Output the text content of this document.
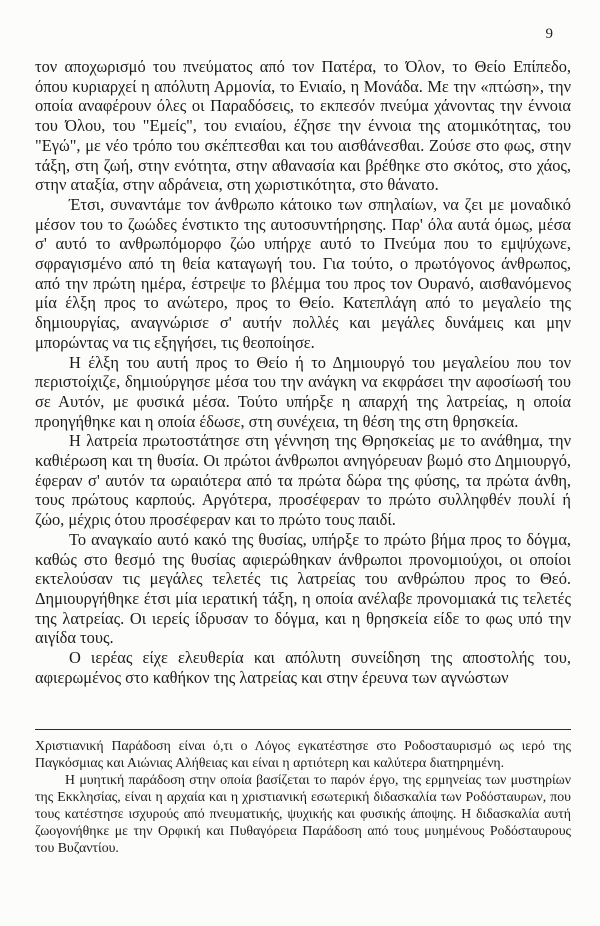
9

τον αποχωρισμό του πνεύματος από τον Πατέρα, το Όλον, το Θείο Επίπεδο, όπου κυριαρχεί η απόλυτη Αρμονία, το Ενιαίο, η Μονάδα. Με την «πτώση», την οποία αναφέρουν όλες οι Παραδόσεις, το εκπεσόν πνεύμα χάνοντας την έννοια του Όλου, του "Εμείς", του ενιαίου, έζησε την έννοια της ατομικότητας, του "Εγώ", με νέο τρόπο του σκέπτεσθαι και του αισθάνεσθαι. Ζούσε στο φως, στην τάξη, στη ζωή, στην ενότητα, στην αθανασία και βρέθηκε στο σκότος, στο χάος, στην αταξία, στην αδράνεια, στη χωριστικότητα, στο θάνατο.

Έτσι, συναντάμε τον άνθρωπο κάτοικο των σπηλαίων, να ζει με μοναδικό μέσον του το ζωώδες ένστικτο της αυτοσυντήρησης. Παρ' όλα αυτά όμως, μέσα σ' αυτό το ανθρωπόμορφο ζώο υπήρχε αυτό το Πνεύμα που το εμψύχωνε, σφραγισμένο από τη θεία καταγωγή του. Για τούτο, ο πρωτόγονος άνθρωπος, από την πρώτη ημέρα, έστρεψε το βλέμμα του προς τον Ουρανό, αισθανόμενος μία έλξη προς το ανώτερο, προς το Θείο. Κατεπλάγη από το μεγαλείο της δημιουργίας, αναγνώρισε σ' αυτήν πολλές και μεγάλες δυνάμεις και μην μπορώντας να τις εξηγήσει, τις θεοποίησε.

Η έλξη του αυτή προς το Θείο ή το Δημιουργό του μεγαλείου που τον περιστοίχιζε, δημιούργησε μέσα του την ανάγκη να εκφράσει την αφοσίωσή του σε Αυτόν, με φυσικά μέσα. Τούτο υπήρξε η απαρχή της λατρείας, η οποία προηγήθηκε και η οποία έδωσε, στη συνέχεια, τη θέση της στη θρησκεία.

Η λατρεία πρωτοστάτησε στη γέννηση της Θρησκείας με το ανάθημα, την καθιέρωση και τη θυσία. Οι πρώτοι άνθρωποι ανηγόρευαν βωμό στο Δημιουργό, έφεραν σ' αυτόν τα ωραιότερα από τα πρώτα δώρα της φύσης, τα πρώτα άνθη, τους πρώτους καρπούς. Αργότερα, προσέφεραν το πρώτο συλληφθέν πουλί ή ζώο, μέχρις ότου προσέφεραν και το πρώτο τους παιδί.

Το αναγκαίο αυτό κακό της θυσίας, υπήρξε το πρώτο βήμα προς το δόγμα, καθώς στο θεσμό της θυσίας αφιερώθηκαν άνθρωποι προνομιούχοι, οι οποίοι εκτελούσαν τις μεγάλες τελετές τις λατρείας του ανθρώπου προς το Θεό. Δημιουργήθηκε έτσι μία ιερατική τάξη, η οποία ανέλαβε προνομιακά τις τελετές της λατρείας. Οι ιερείς ίδρυσαν το δόγμα, και η θρησκεία είδε το φως υπό την αιγίδα τους.

Ο ιερέας είχε ελευθερία και απόλυτη συνείδηση της αποστολής του, αφιερωμένος στο καθήκον της λατρείας και στην έρευνα των αγνώστων

Χριστιανική Παράδοση είναι ό,τι ο Λόγος εγκατέστησε στο Ροδοσταυρισμό ως ιερό της Παγκόσμιας και Αιώνιας Αλήθειας και είναι η αρτιότερη και καλύτερα διατηρημένη.

Η μυητική παράδοση στην οποία βασίζεται το παρόν έργο, της ερμηνείας των μυστηρίων της Εκκλησίας, είναι η αρχαία και η χριστιανική εσωτερική διδασκαλία των Ροδόσταυρων, που τους κατέστησε ισχυρούς από πνευματικής, ψυχικής και φυσικής άποψης. Η διδασκαλία αυτή ζωογονήθηκε με την Ορφική και Πυθαγόρεια Παράδοση από τους μυημένους Ροδόσταυρους του Βυζαντίου.
